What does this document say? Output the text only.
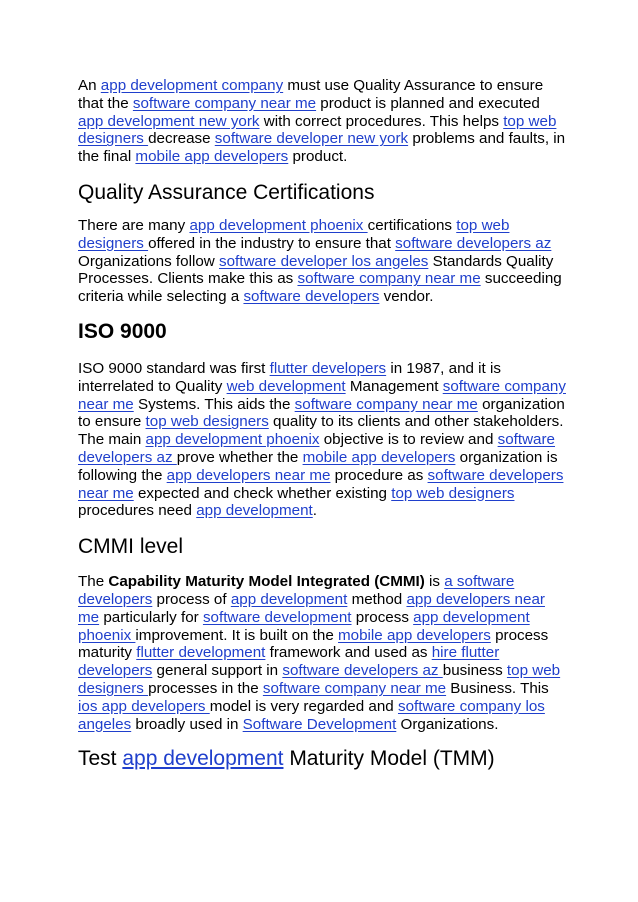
An app development company must use Quality Assurance to ensure that the software company near me product is planned and executed app development new york with correct procedures. This helps top web designers decrease software developer new york problems and faults, in the final mobile app developers product.

Quality Assurance Certifications

There are many app development phoenix certifications top web designers offered in the industry to ensure that software developers az Organizations follow software developer los angeles Standards Quality Processes. Clients make this as software company near me succeeding criteria while selecting a software developers vendor.

ISO 9000

ISO 9000 standard was first flutter developers in 1987, and it is interrelated to Quality web development Management software company near me Systems. This aids the software company near me organization to ensure top web designers quality to its clients and other stakeholders. The main app development phoenix objective is to review and software developers az prove whether the mobile app developers organization is following the app developers near me procedure as software developers near me expected and check whether existing top web designers procedures need app development.

CMMI level

The Capability Maturity Model Integrated (CMMI) is a software developers process of app development method app developers near me particularly for software development process app development phoenix improvement. It is built on the mobile app developers process maturity flutter development framework and used as hire flutter developers general support in software developers az business top web designers processes in the software company near me Business. This ios app developers model is very regarded and software company los angeles broadly used in Software Development Organizations.

Test app development Maturity Model (TMM)
